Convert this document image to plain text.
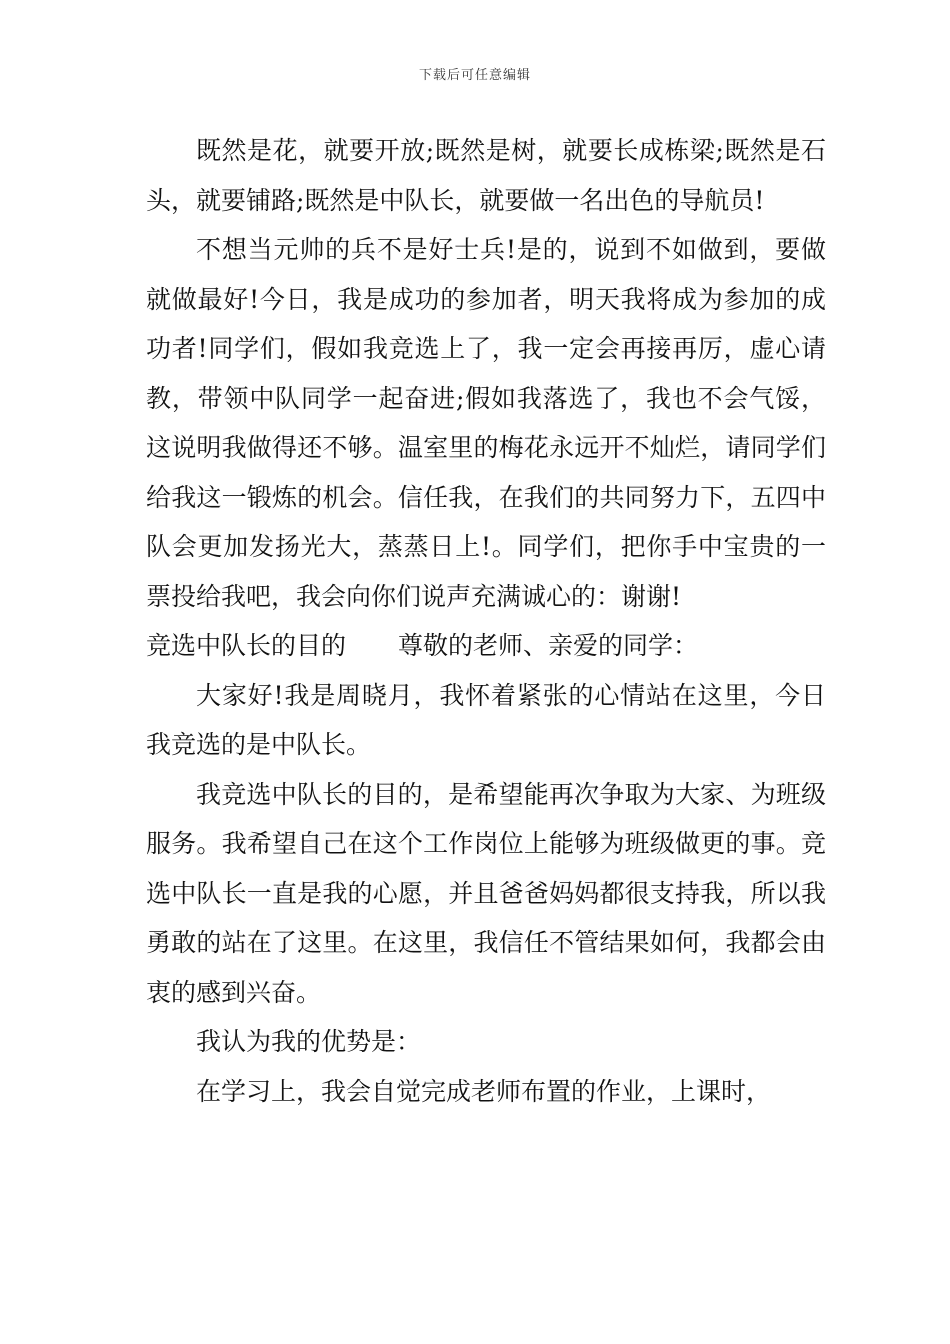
下载后可任意编辑

既然是花，就要开放;既然是树，就要长成栋梁;既然是石头，就要铺路;既然是中队长，就要做一名出色的导航员!

不想当元帅的兵不是好士兵!是的，说到不如做到，要做就做最好!今日，我是成功的参加者，明天我将成为参加的成功者!同学们，假如我竞选上了，我一定会再接再厉，虚心请教，带领中队同学一起奋进;假如我落选了，我也不会气馁，这说明我做得还不够。温室里的梅花永远开不灿烂，请同学们给我这一锻炼的机会。信任我，在我们的共同努力下，五四中队会更加发扬光大，蒸蒸日上!。同学们，把你手中宝贵的一票投给我吧，我会向你们说声充满诚心的：谢谢!

竞选中队长的目的 尊敬的老师、亲爱的同学：

大家好!我是周晓月，我怀着紧张的心情站在这里，今日我竞选的是中队长。

我竞选中队长的目的，是希望能再次争取为大家、为班级服务。我希望自己在这个工作岗位上能够为班级做更的事。竞选中队长一直是我的心愿，并且爸爸妈妈都很支持我，所以我勇敢的站在了这里。在这里，我信任不管结果如何，我都会由衷的感到兴奋。

我认为我的优势是：

在学习上，我会自觉完成老师布置的作业，上课时，
